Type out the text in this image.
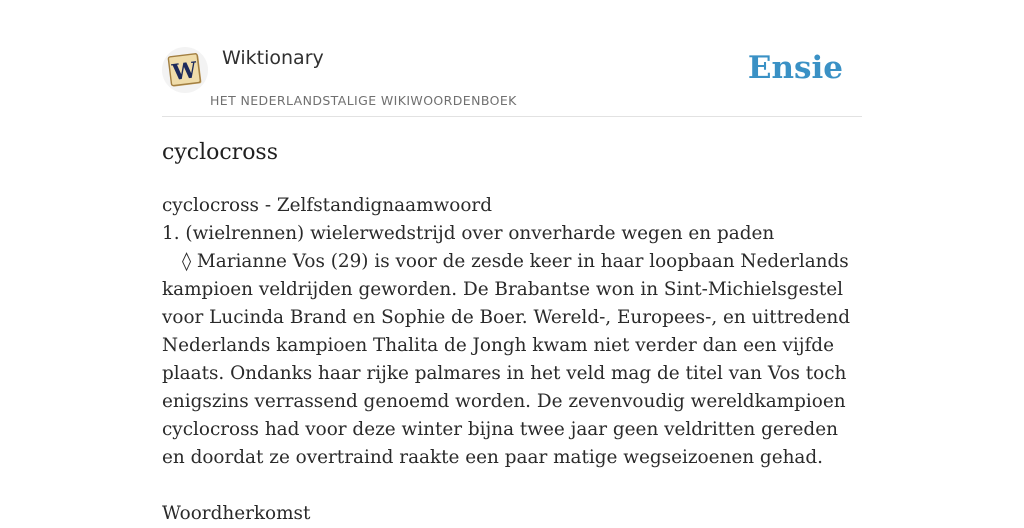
W Wiktionary
HET NEDERLANDSTALIGE WIKIWOORDENBOEK
Ensie
cyclocross

cyclocross - Zelfstandignaamwoord

1. (wielrennen) wielerwedstrijd over onverharde wegen en paden

◊ Marianne Vos (29) is voor de zesde keer in haar loopbaan Nederlands kampioen veldrijden geworden. De Brabantse won in Sint-Michielsgestel voor Lucinda Brand en Sophie de Boer. Wereld-, Europees-, en uittredend Nederlands kampioen Thalita de Jongh kwam niet verder dan een vijfde plaats. Ondanks haar rijke palmares in het veld mag de titel van Vos toch enigszins verrassend genoemd worden. De zevenvoudig wereldkampioen cyclocross had voor deze winter bijna twee jaar geen veldritten gereden en doordat ze overtraind raakte een paar matige wegseizoenen gehad.

Woordherkomst
